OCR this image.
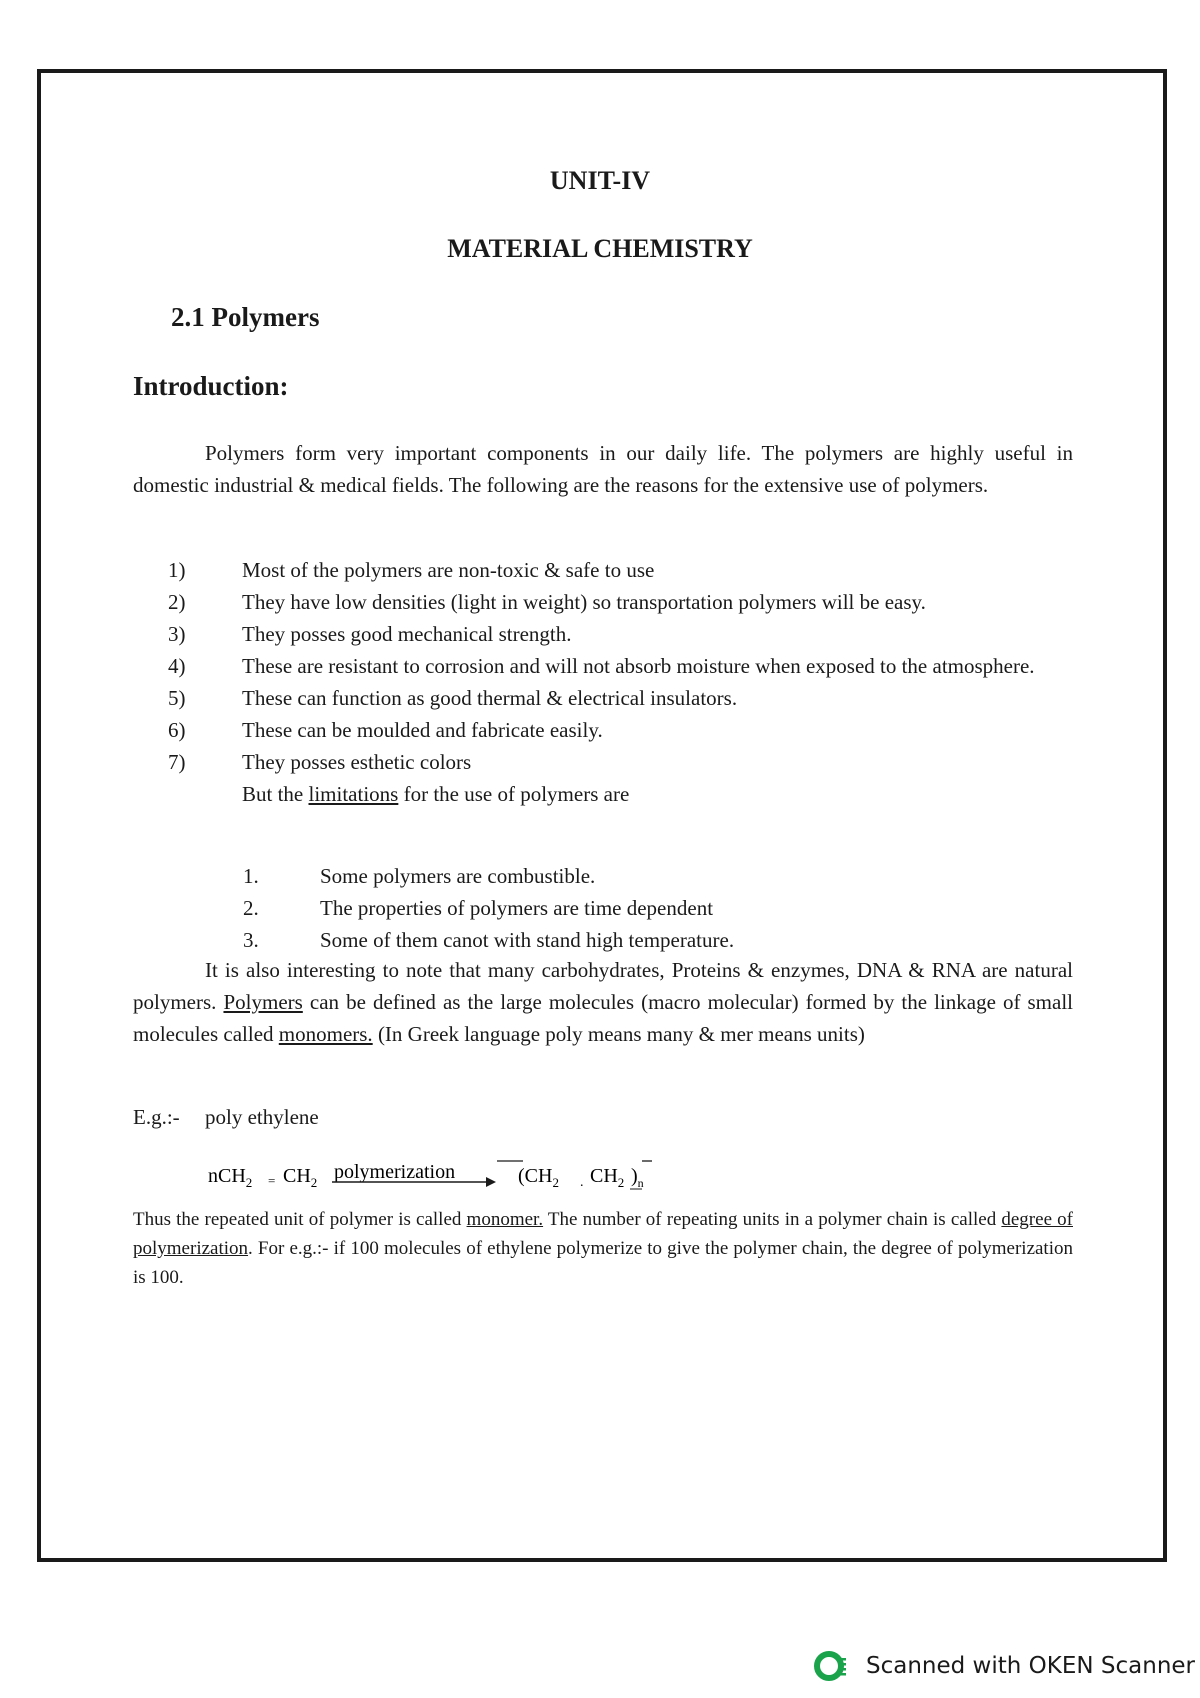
UNIT-IV
MATERIAL CHEMISTRY
2.1 Polymers
Introduction:
Polymers form very important components in our daily life. The polymers are highly useful in domestic industrial & medical fields. The following are the reasons for the extensive use of polymers.
1)	Most of the polymers are non-toxic & safe to use
2)	They have low densities (light in weight) so transportation polymers will be easy.
3)	They posses good mechanical strength.
4)	These are resistant to corrosion and will not absorb moisture when exposed to the atmosphere.
5)	These can function as good thermal & electrical insulators.
6)	These can be moulded and fabricate easily.
7)	They posses esthetic colors
But the limitations for the use of polymers are
1.	Some polymers are combustible.
2.	The properties of polymers are time dependent
3.	Some of them canot with stand high temperature.
It is also interesting to note that many carbohydrates, Proteins & enzymes, DNA & RNA are natural polymers. Polymers can be defined as the large molecules (macro molecular) formed by the linkage of small molecules called monomers. (In Greek language poly means many & mer means units)
E.g.:- poly ethylene
$nCH_2 = CH_2$ polymerization	($CH_2$ . $CH_2$ )$_n$
Thus the repeated unit of polymer is called monomer. The number of repeating units in a polymer chain is called degree of polymerization. For e.g.:- if 100 molecules of ethylene polymerize to give the polymer chain, the degree of polymerization is 100.
Scanned with OKEN Scanner
